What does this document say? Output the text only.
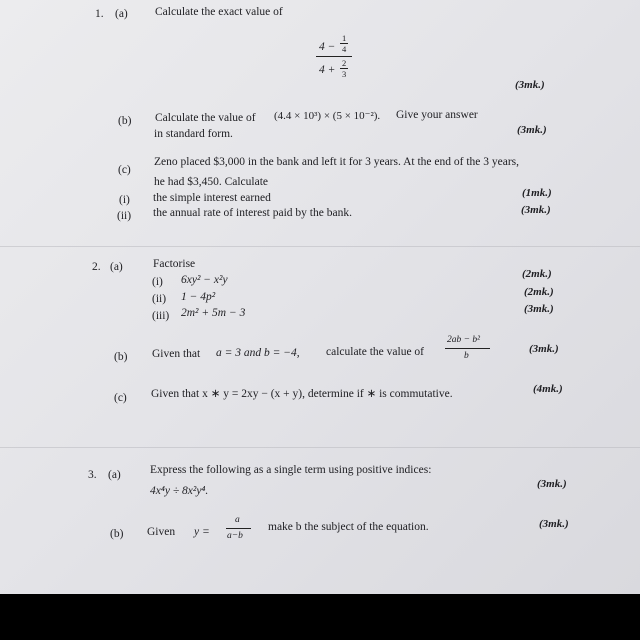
1. (a) Calculate the exact value of
4 −
1
4
4 +
2
3
(3mk.)
(b) Calculate the value of (4.4 × 10³) × (5 × 10⁻²). Give your answer
in standard form.	(3mk.)
(c)
Zeno placed $3,000 in the bank and left it for 3 years. At the end of the 3 years,
he had $3,450. Calculate
(i) the simple interest earned	(1mk.)
(ii) the annual rate of interest paid by the bank.	(3mk.)
2. (a)	Factorise
(i) 6xy² − x²y	(2mk.)
(ii) 1 − 4p²	(2mk.)
(iii) 2m² + 5m − 3	(3mk.)
(b) Given that a = 3 and b = −4, calculate the value of
2ab − b²
b
(3mk.)
(c) Given that x ∗ y = 2xy − (x + y), determine if ∗ is commutative.	(4mk.)
3. (a)	Express the following as a single term using positive indices:
4x⁴y ÷ 8x²y⁴.
(3mk.)
(b) Given y =
a
a−b
make b the subject of the equation.	(3mk.)
